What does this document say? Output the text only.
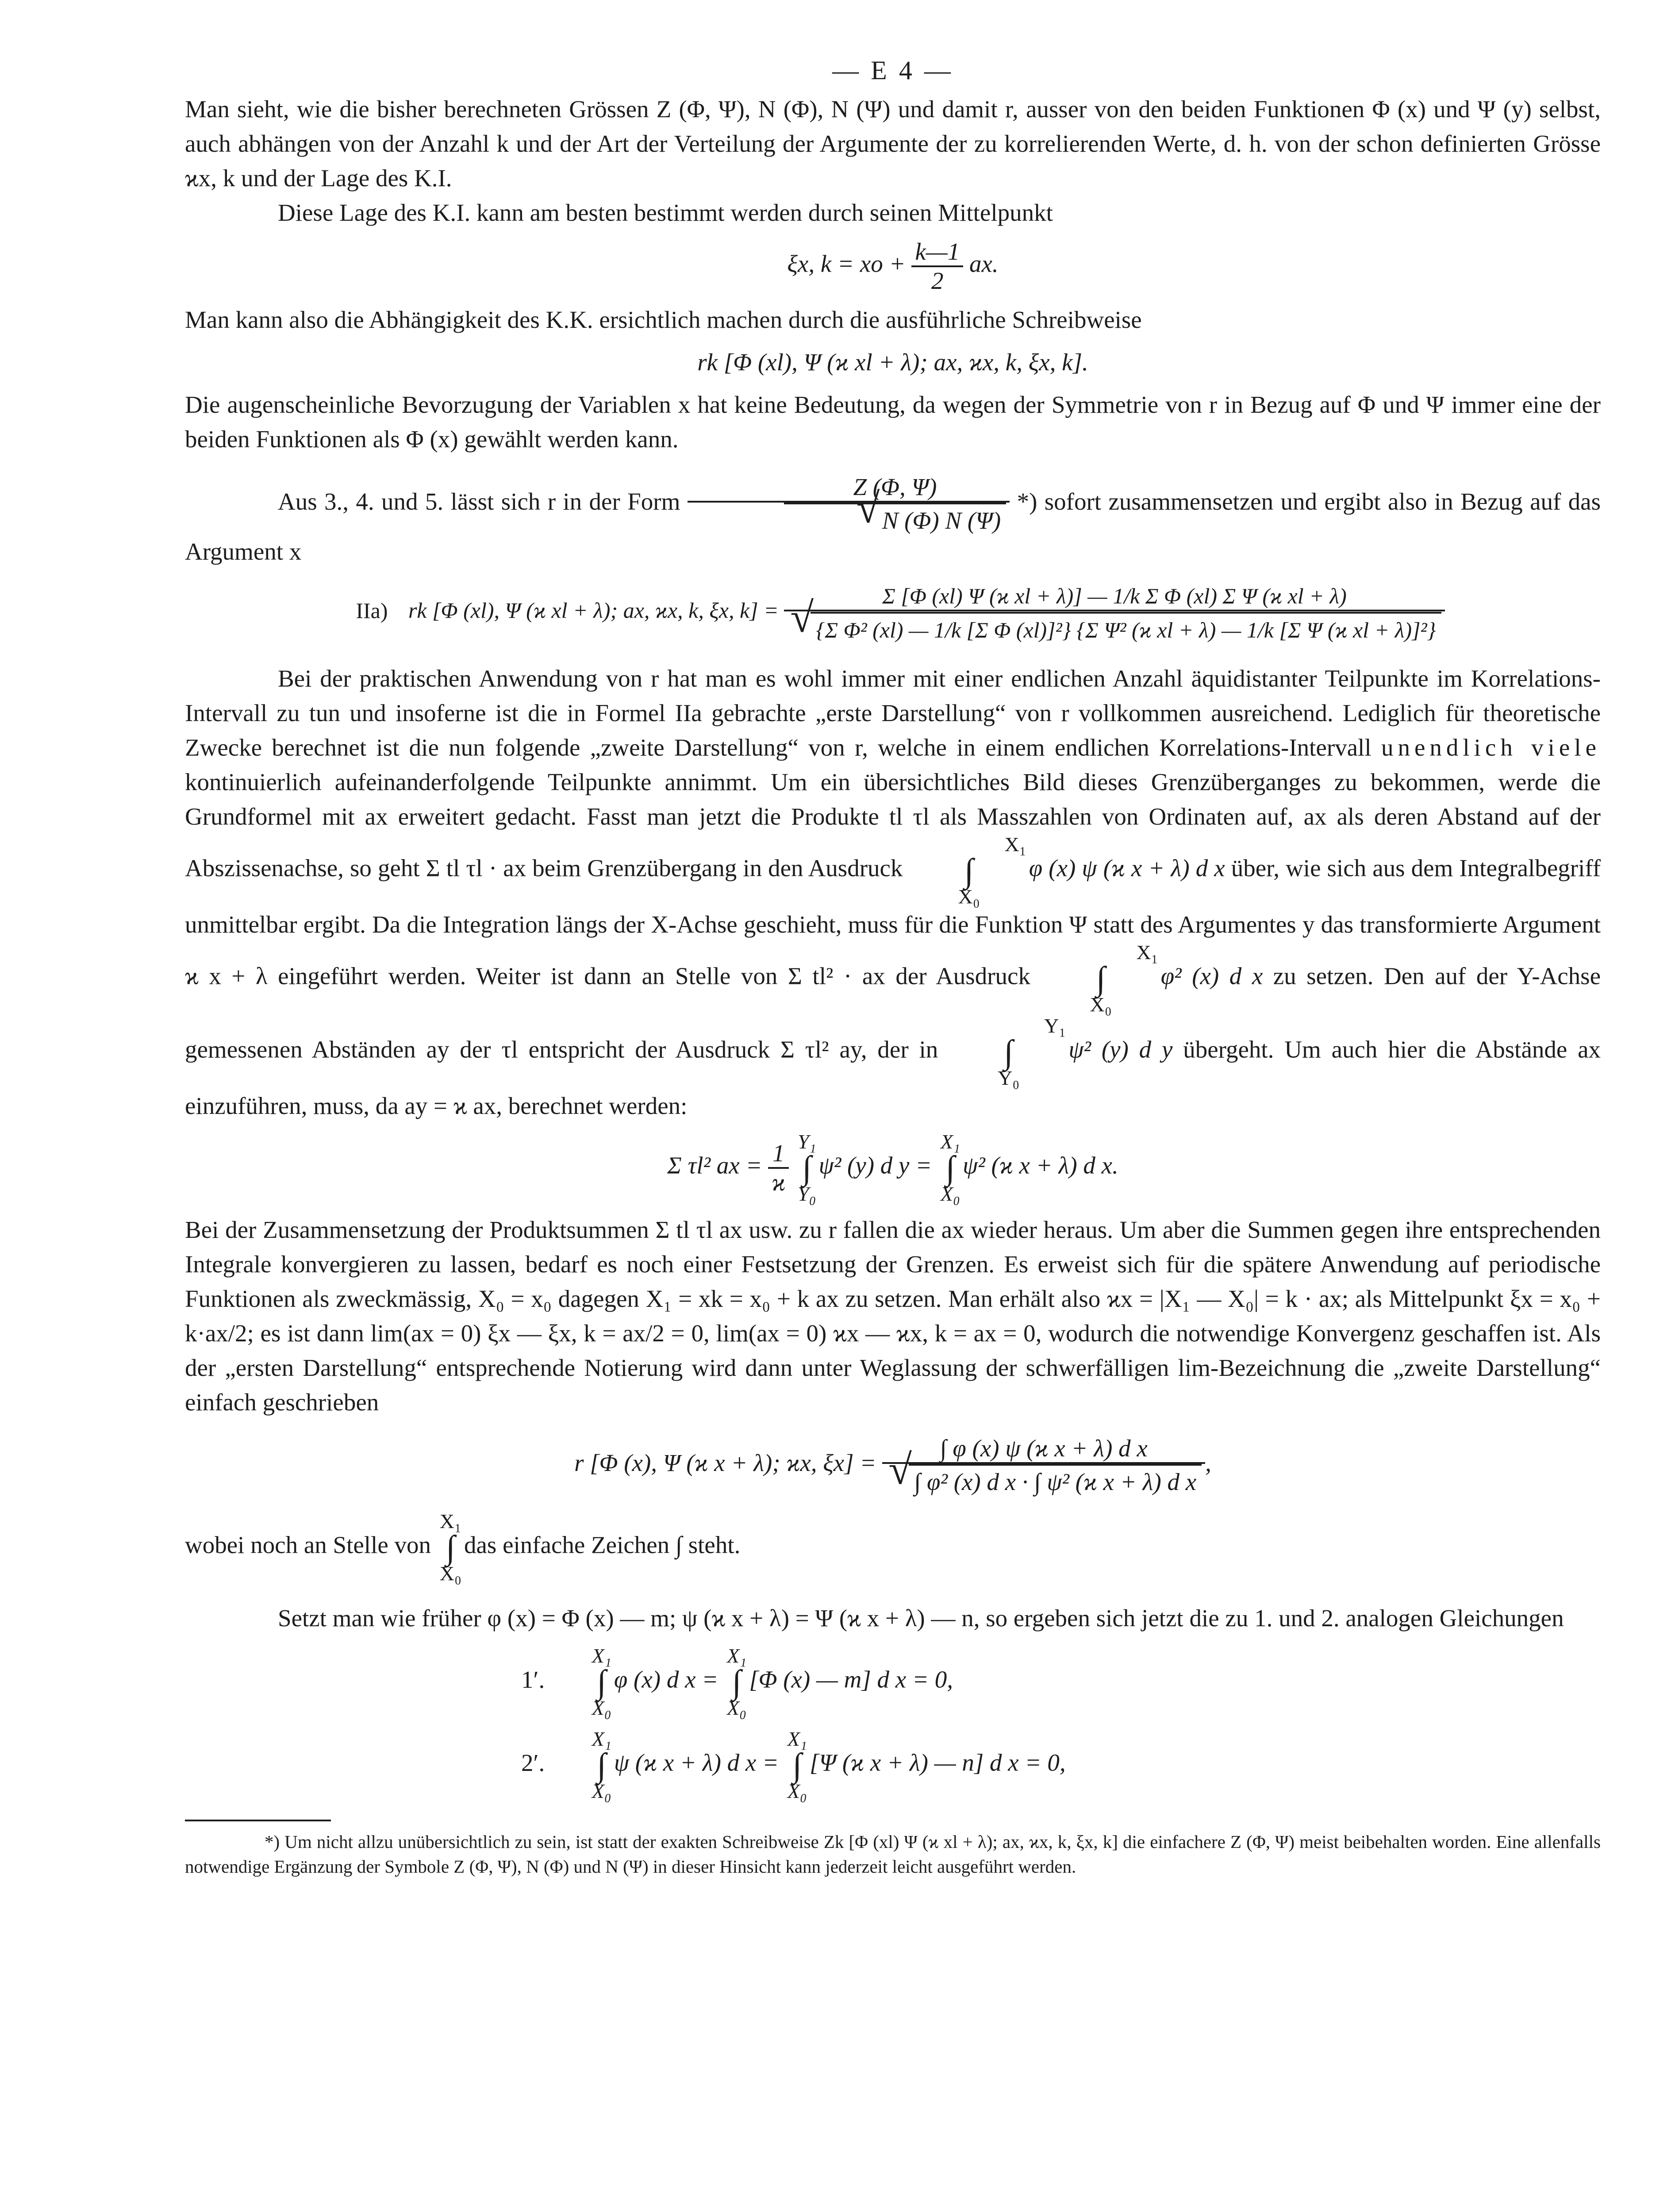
— E 4 —

Man sieht, wie die bisher berechneten Grössen Z (Φ, Ψ), N (Φ), N (Ψ) und damit r, ausser von den beiden Funktionen Φ (x) und Ψ (y) selbst, auch abhängen von der Anzahl k und der Art der Verteilung der Argumente der zu korrelierenden Werte, d. h. von der schon definierten Grösse ϰx, k und der Lage des K.I.

Diese Lage des K.I. kann am besten bestimmt werden durch seinen Mittelpunkt

ξx, k = xo + $\frac{k—1}{2}$ ax.

Man kann also die Abhängigkeit des K.K. ersichtlich machen durch die ausführliche Schreibweise

rk [Φ (xl), Ψ (ϰ xl + λ); ax, ϰx, k, ξx, k].

Die augenscheinliche Bevorzugung der Variablen x hat keine Bedeutung, da wegen der Symmetrie von r in Bezug auf Φ und Ψ immer eine der beiden Funktionen als Φ (x) gewählt werden kann.

Aus 3., 4. und 5. lässt sich r in der Form Z (Φ, Ψ)
√ N (Φ) N (Ψ) *) sofort zusammensetzen und ergibt also in Bezug auf das Argument x

IIa) rk [Φ (xl), Ψ (ϰ xl + λ); ax, ϰx, k, ξx, k] =
Σ [Φ (xl) Ψ (ϰ xl + λ)] — 1/k Σ Φ (xl) Σ Ψ (ϰ xl + λ)
√ {Σ Φ² (xl) — 1/k [Σ Φ (xl)]²} {Σ Ψ² (ϰ xl + λ) — 1/k [Σ Ψ (ϰ xl + λ)]²}

Bei der praktischen Anwendung von r hat man es wohl immer mit einer endlichen Anzahl äquidistanter Teilpunkte im Korrelations-Intervall zu tun und insoferne ist die in Formel IIa gebrachte „erste Darstellung“ von r vollkommen ausreichend. Lediglich für theoretische Zwecke berechnet ist die nun folgende „zweite Darstellung“ von r, welche in einem endlichen Korrelations-Intervall unendlich viele kontinuierlich aufeinanderfolgende Teilpunkte annimmt. Um ein übersichtliches Bild dieses Grenzüberganges zu bekommen, werde die Grundformel mit ax erweitert gedacht. Fasst man jetzt die Produkte tl τl als Masszahlen von Ordinaten auf, ax als deren Abstand auf der Abszissenachse, so geht Σ tl τl · ax beim Grenzübergang in den Ausdruck X₁
∫
X₀φ (x) ψ (ϰ x + λ) d x über, wie sich aus dem Integralbegriff unmittelbar ergibt. Da die Integration längs der X-Achse geschieht, muss für die Funktion Ψ statt des Argumentes y das transformierte Argument ϰ x + λ eingeführt werden. Weiter ist dann an Stelle von Σ tl² · ax der Ausdruck X₁
∫
X₀φ² (x) d x zu setzen. Den auf der Y-Achse gemessenen Abständen ay der τl entspricht der Ausdruck Σ τl² ay, der in Y₁
∫
Y₀ψ² (y) d y übergeht. Um auch hier die Abstände ax einzuführen, muss, da ay = ϰ ax, berechnet werden:

Σ τl² ax = $\frac{1}{ϰ} Y_1$
∫
Y₀ψ² (y) d y = X₁
∫
X₀ψ² (ϰ x + λ) d x.

Bei der Zusammensetzung der Produktsummen Σ tl τl ax usw. zu r fallen die ax wieder heraus. Um aber die Summen gegen ihre entsprechenden Integrale konvergieren zu lassen, bedarf es noch einer Festsetzung der Grenzen. Es erweist sich für die spätere Anwendung auf periodische Funktionen als zweckmässig, X₀ = x₀ dagegen X₁ = xk = x₀ + k ax zu setzen. Man erhält also ϰx = |X₁ — X₀| = k · ax; als Mittelpunkt ξx = x₀ + k·ax/2; es ist dann lim(ax = 0) ξx — ξx, k = ax/2 = 0, lim(ax = 0) ϰx — ϰx, k = ax = 0, wodurch die notwendige Konvergenz geschaffen ist. Als der „ersten Darstellung“ entsprechende Notierung wird dann unter Weglassung der schwerfälligen lim-Bezeichnung die „zweite Darstellung“ einfach geschrieben

r [Φ (x), Ψ (ϰ x + λ); ϰx, ξx] = ∫ φ (x) ψ (ϰ x + λ) d x
√ ∫ φ² (x) d x · ∫ ψ² (ϰ x + λ) d x ,

wobei noch an Stelle von X₁
∫
X₀das einfache Zeichen ∫ steht.

Setzt man wie früher φ (x) = Φ (x) — m; ψ (ϰ x + λ) = Ψ (ϰ x + λ) — n, so ergeben sich jetzt die zu 1. und 2. analogen Gleichungen

1′. X₁
∫
X₀φ (x) d x = X₁
∫
X₀[Φ (x) — m] d x = 0,
2′. X₁
∫
X₀ψ (ϰ x + λ) d x = X₁
∫
X₀[Ψ (ϰ x + λ) — n] d x = 0,

*) Um nicht allzu unübersichtlich zu sein, ist statt der exakten Schreibweise Zk [Φ (xl) Ψ (ϰ xl + λ); ax, ϰx, k, ξx, k] die einfachere Z (Φ, Ψ) meist beibehalten worden. Eine allenfalls notwendige Ergänzung der Symbole Z (Φ, Ψ), N (Φ) und N (Ψ) in dieser Hinsicht kann jederzeit leicht ausgeführt werden.
